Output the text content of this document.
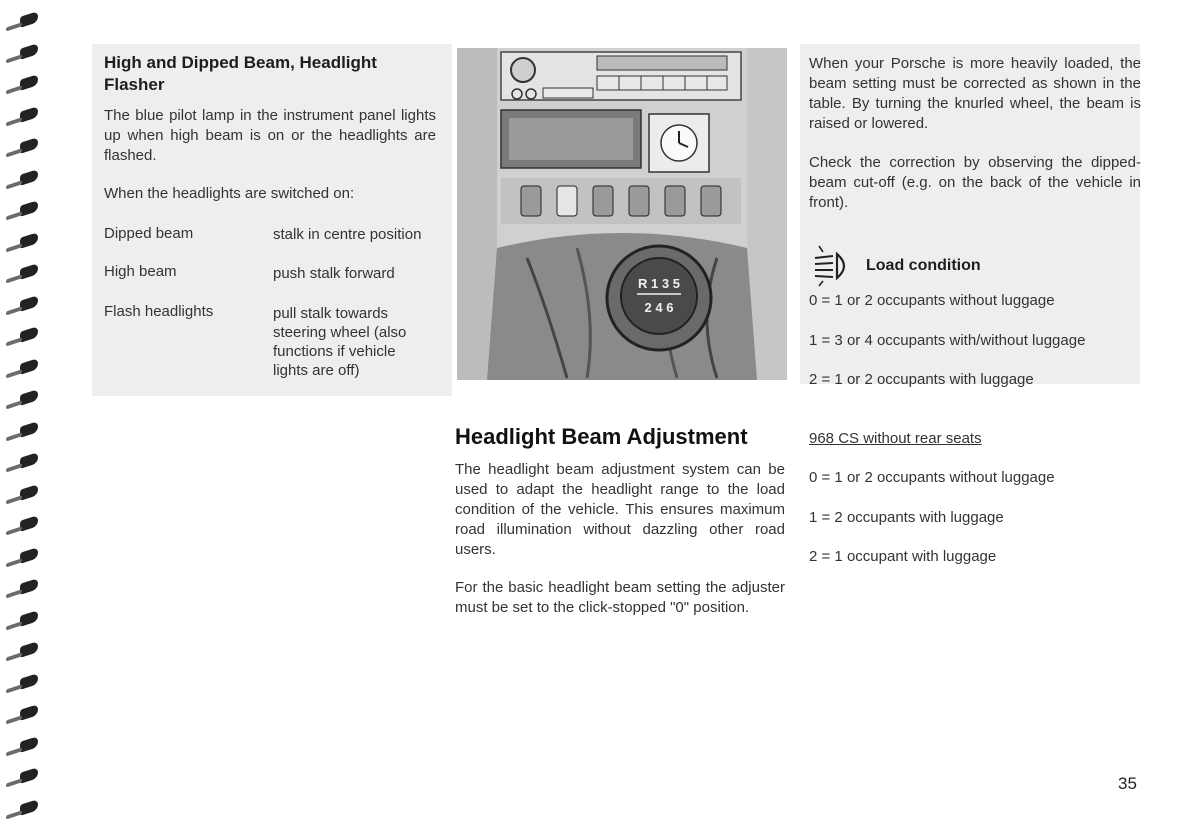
High and Dipped Beam, Headlight Flasher
The blue pilot lamp in the instrument panel lights up when high beam is on or the headlights are flashed.
When the headlights are switched on:
Dipped beam	stalk in centre position
High beam	push stalk forward
Flash headlights	pull stalk towards steering wheel (also functions if vehicle lights are off)
R 1 3 5
2 4 6
Headlight Beam Adjustment
The headlight beam adjustment system can be used to adapt the headlight range to the load condition of the vehicle. This ensures maximum road illumination without dazzling other road users.
For the basic headlight beam setting the adjuster must be set to the click-stopped "0" position.
When your Porsche is more heavily loaded, the beam setting must be corrected as shown in the table. By turning the knurled wheel, the beam is raised or lowered.
Check the correction by observing the dipped-beam cut-off (e.g. on the back of the vehicle in front).
Load condition
0 = 1 or 2 occupants without luggage
1 = 3 or 4 occupants with/without luggage
2 = 1 or 2 occupants with luggage
968 CS without rear seats
0 = 1 or 2 occupants without luggage
1 = 2 occupants with luggage
2 = 1 occupant with luggage
35
